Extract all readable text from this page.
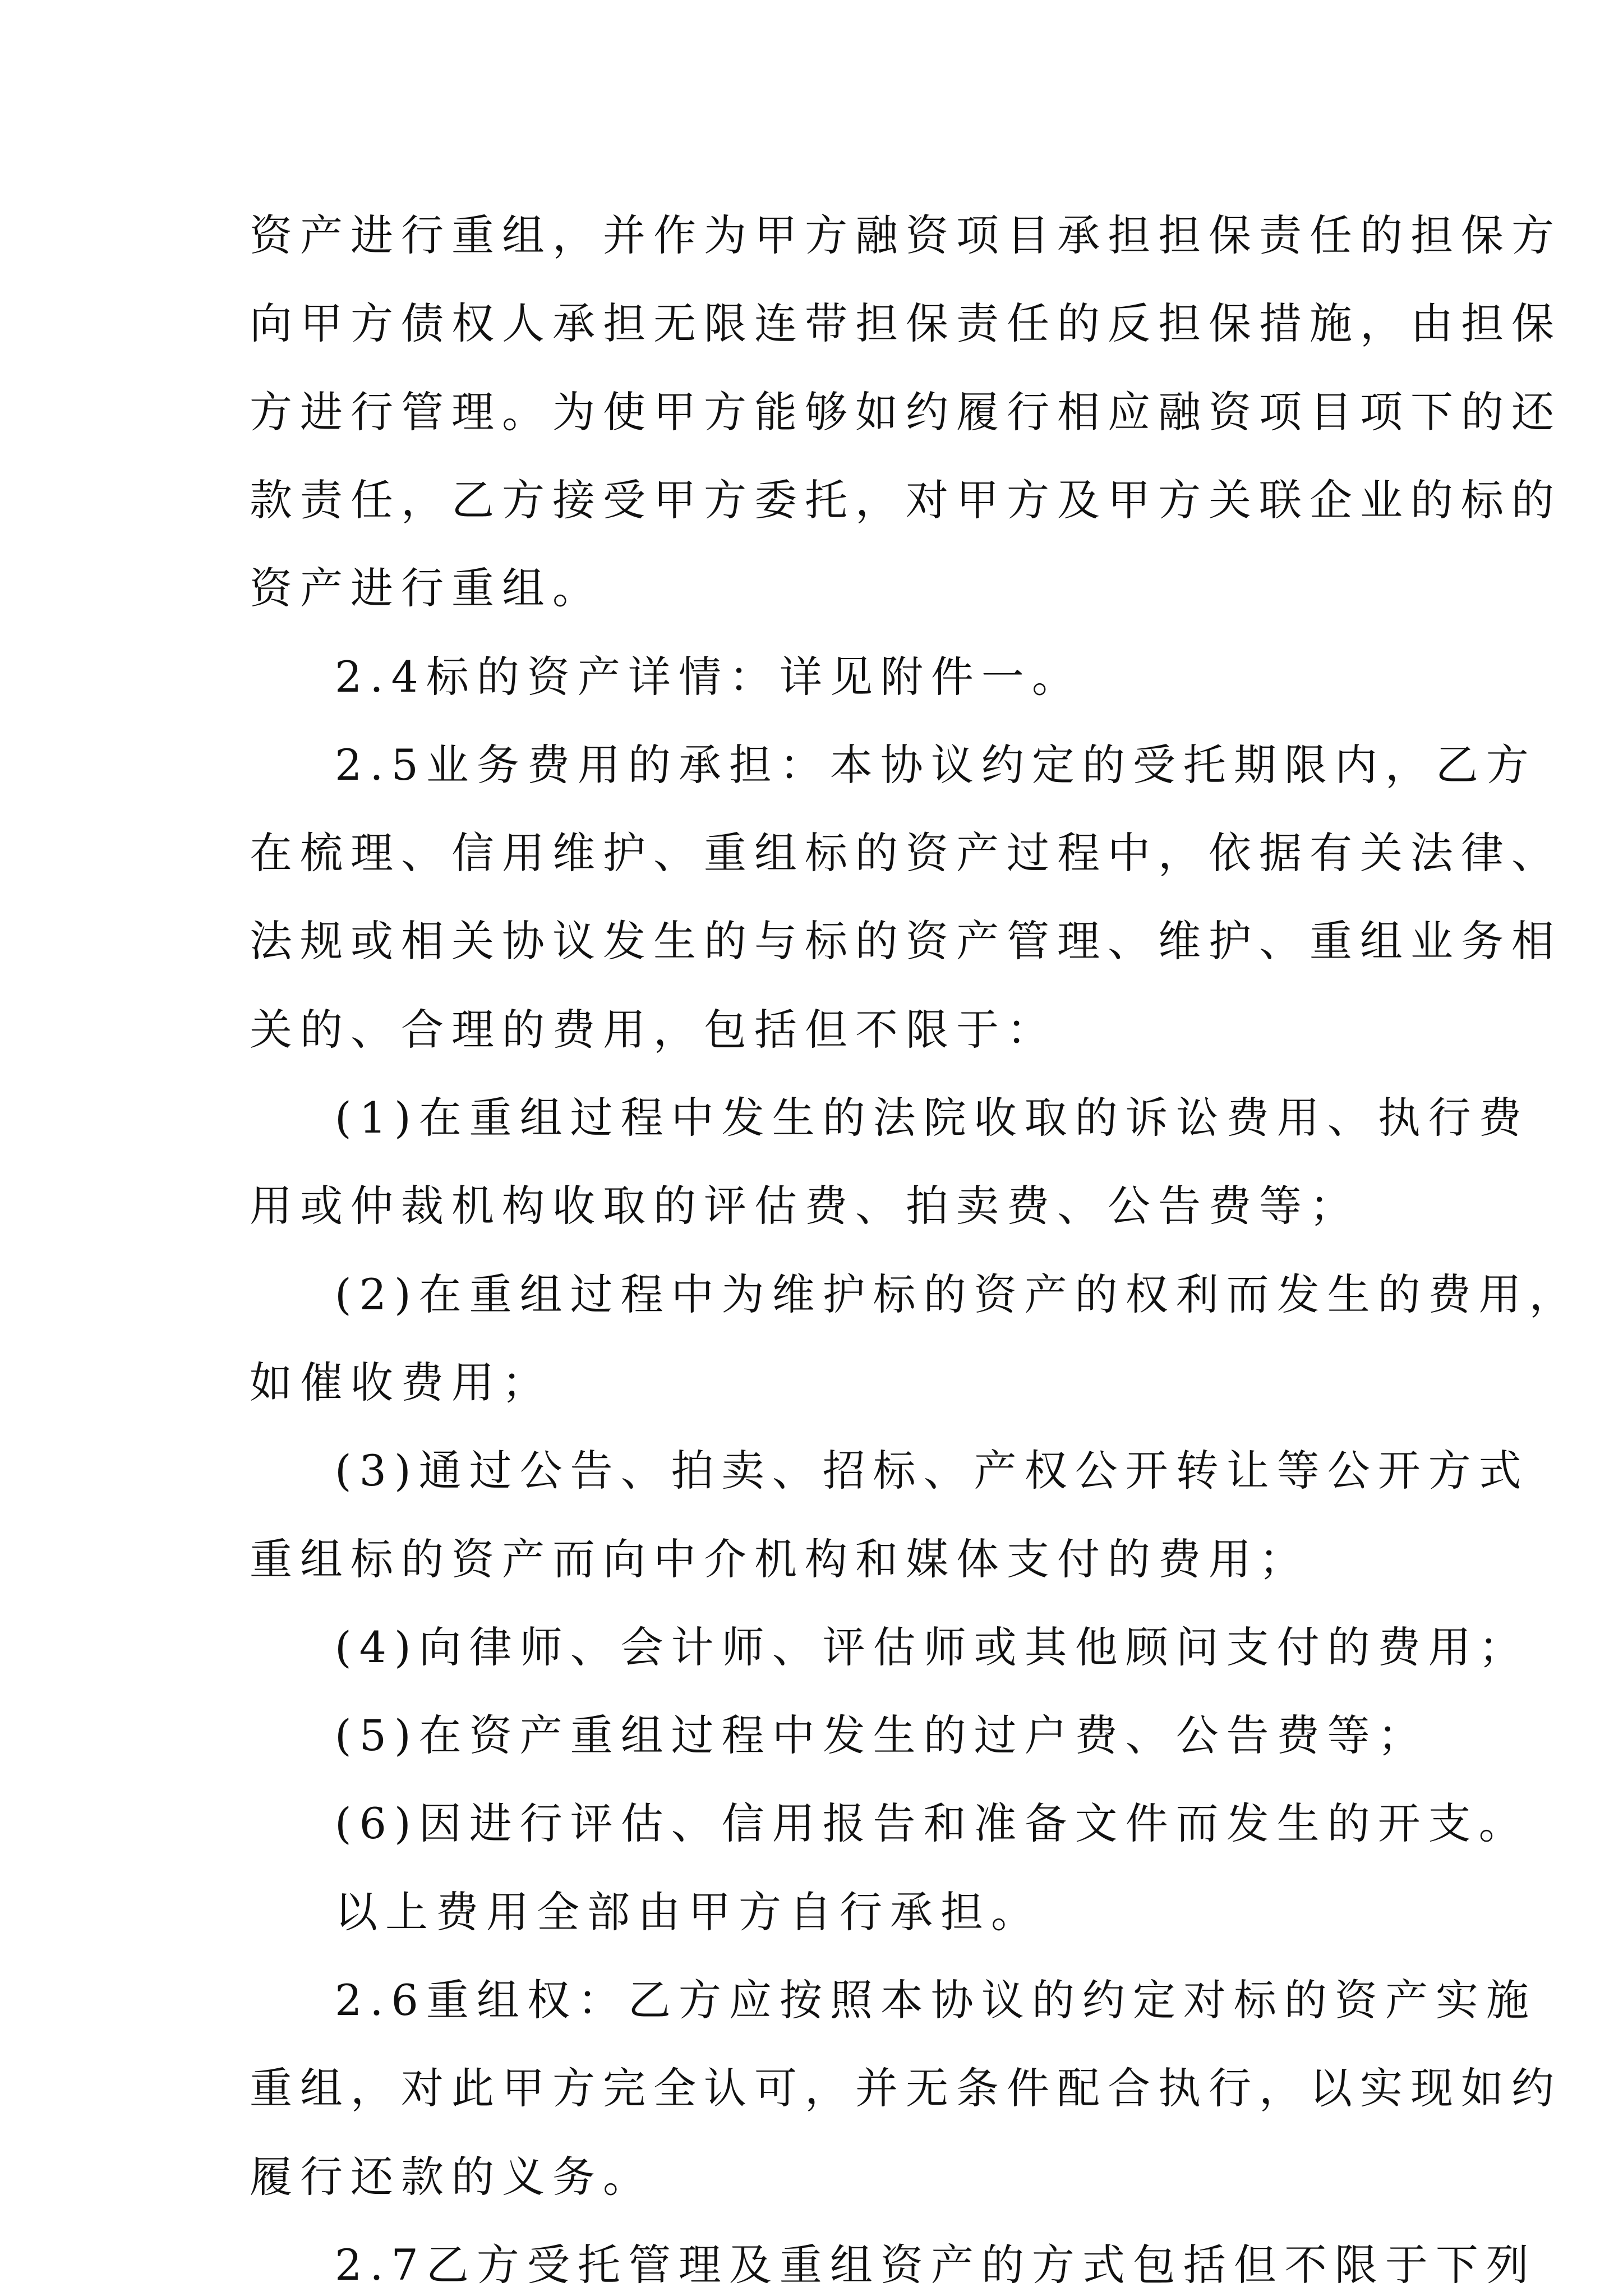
资产进行重组，并作为甲方融资项目承担担保责任的担保方
向甲方债权人承担无限连带担保责任的反担保措施，由担保
方进行管理。为使甲方能够如约履行相应融资项目项下的还
款责任，乙方接受甲方委托，对甲方及甲方关联企业的标的
资产进行重组。
2.4标的资产详情：详见附件一。
2.5业务费用的承担：本协议约定的受托期限内，乙方
在梳理、信用维护、重组标的资产过程中，依据有关法律、
法规或相关协议发生的与标的资产管理、维护、重组业务相
关的、合理的费用，包括但不限于：
(1)在重组过程中发生的法院收取的诉讼费用、执行费
用或仲裁机构收取的评估费、拍卖费、公告费等；
(2)在重组过程中为维护标的资产的权利而发生的费用，
如催收费用；
(3)通过公告、拍卖、招标、产权公开转让等公开方式
重组标的资产而向中介机构和媒体支付的费用；
(4)向律师、会计师、评估师或其他顾问支付的费用；
(5)在资产重组过程中发生的过户费、公告费等；
(6)因进行评估、信用报告和准备文件而发生的开支。
以上费用全部由甲方自行承担。
2.6重组权：乙方应按照本协议的约定对标的资产实施
重组，对此甲方完全认可，并无条件配合执行，以实现如约
履行还款的义务。
2.7乙方受托管理及重组资产的方式包括但不限于下列
